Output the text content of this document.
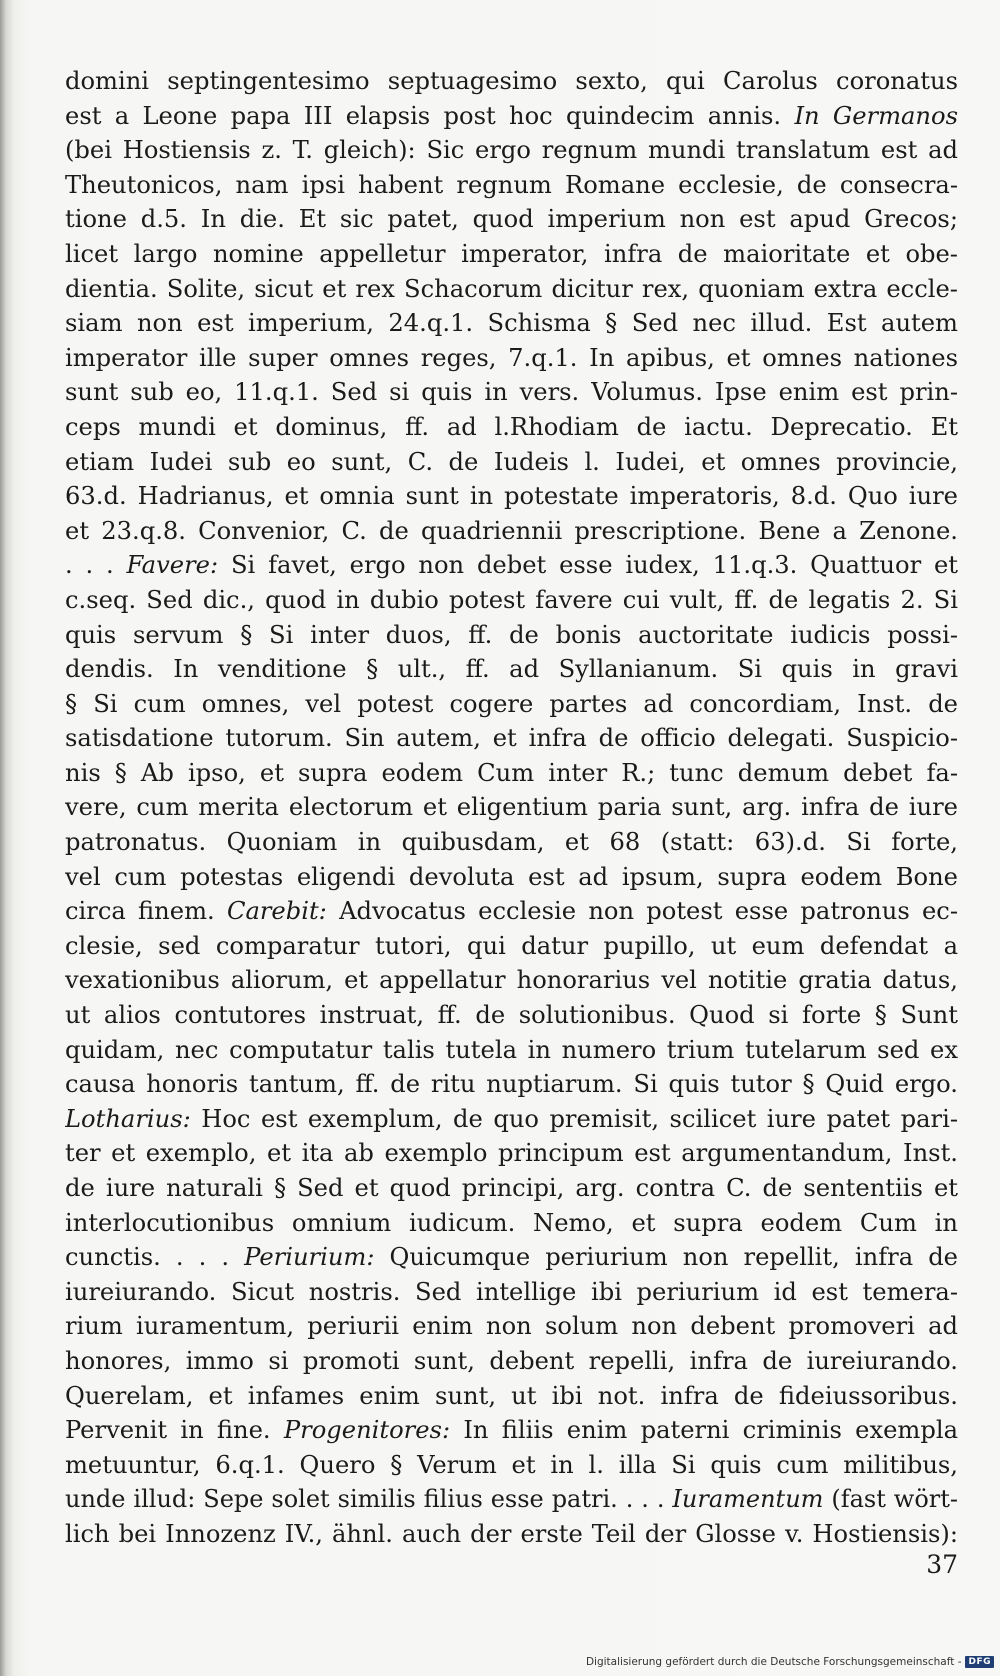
domini septingentesimo septuagesimo sexto, qui Carolus coronatus
est a Leone papa III elapsis post hoc quindecim annis. In Germanos
(bei Hostiensis z. T. gleich): Sic ergo regnum mundi translatum est ad
Theutonicos, nam ipsi habent regnum Romane ecclesie, de consecra-
tione d.5. In die. Et sic patet, quod imperium non est apud Grecos;
licet largo nomine appelletur imperator, infra de maioritate et obe-
dientia. Solite, sicut et rex Schacorum dicitur rex, quoniam extra eccle-
siam non est imperium, 24.q.1. Schisma § Sed nec illud. Est autem
imperator ille super omnes reges, 7.q.1. In apibus, et omnes nationes
sunt sub eo, 11.q.1. Sed si quis in vers. Volumus. Ipse enim est prin-
ceps mundi et dominus, ff. ad l.Rhodiam de iactu. Deprecatio. Et
etiam Iudei sub eo sunt, C. de Iudeis l. Iudei, et omnes provincie,
63.d. Hadrianus, et omnia sunt in potestate imperatoris, 8.d. Quo iure
et 23.q.8. Convenior, C. de quadriennii prescriptione. Bene a Zenone.
. . . Favere: Si favet, ergo non debet esse iudex, 11.q.3. Quattuor et
c.seq. Sed dic., quod in dubio potest favere cui vult, ff. de legatis 2. Si
quis servum § Si inter duos, ff. de bonis auctoritate iudicis possi-
dendis. In venditione § ult., ff. ad Syllanianum. Si quis in gravi
§ Si cum omnes, vel potest cogere partes ad concordiam, Inst. de
satisdatione tutorum. Sin autem, et infra de officio delegati. Suspicio-
nis § Ab ipso, et supra eodem Cum inter R.; tunc demum debet fa-
vere, cum merita electorum et eligentium paria sunt, arg. infra de iure
patronatus. Quoniam in quibusdam, et 68 (statt: 63).d. Si forte,
vel cum potestas eligendi devoluta est ad ipsum, supra eodem Bone
circa finem. Carebit: Advocatus ecclesie non potest esse patronus ec-
clesie, sed comparatur tutori, qui datur pupillo, ut eum defendat a
vexationibus aliorum, et appellatur honorarius vel notitie gratia datus,
ut alios contutores instruat, ff. de solutionibus. Quod si forte § Sunt
quidam, nec computatur talis tutela in numero trium tutelarum sed ex
causa honoris tantum, ff. de ritu nuptiarum. Si quis tutor § Quid ergo.
Lotharius: Hoc est exemplum, de quo premisit, scilicet iure patet pari-
ter et exemplo, et ita ab exemplo principum est argumentandum, Inst.
de iure naturali § Sed et quod principi, arg. contra C. de sententiis et
interlocutionibus omnium iudicum. Nemo, et supra eodem Cum in
cunctis. . . . Periurium: Quicumque periurium non repellit, infra de
iureiurando. Sicut nostris. Sed intellige ibi periurium id est temera-
rium iuramentum, periurii enim non solum non debent promoveri ad
honores, immo si promoti sunt, debent repelli, infra de iureiurando.
Querelam, et infames enim sunt, ut ibi not. infra de fideiussoribus.
Pervenit in fine. Progenitores: In filiis enim paterni criminis exempla
metuuntur, 6.q.1. Quero § Verum et in l. illa Si quis cum militibus,
unde illud: Sepe solet similis filius esse patri. . . . Iuramentum (fast wört-
lich bei Innozenz IV., ähnl. auch der erste Teil der Glosse v. Hostiensis):
37
Digitalisierung gefördert durch die Deutsche Forschungsgemeinschaft - DFG
